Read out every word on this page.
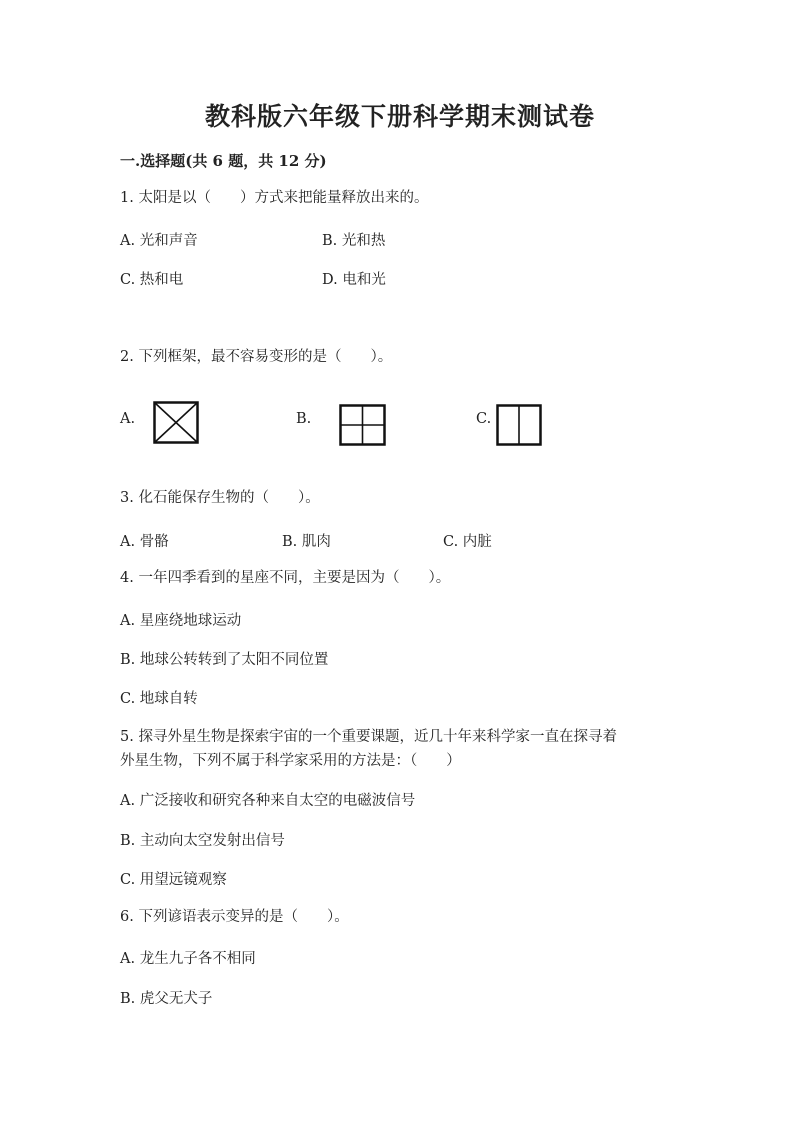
教科版六年级下册科学期末测试卷
一.选择题(共 6 题，共 12 分)
1. 太阳是以（　　）方式来把能量释放出来的。
A. 光和声音	B. 光和热
C. 热和电	D. 电和光
2. 下列框架，最不容易变形的是（　　）。
A.	B.	C.
3. 化石能保存生物的（　　）。
A. 骨骼	B. 肌肉	C. 内脏
4. 一年四季看到的星座不同，主要是因为（　　）。
A. 星座绕地球运动
B. 地球公转转到了太阳不同位置
C. 地球自转
5. 探寻外星生物是探索宇宙的一个重要课题，近几十年来科学家一直在探寻着
外星生物，下列不属于科学家采用的方法是：（　　）
A. 广泛接收和研究各种来自太空的电磁波信号
B. 主动向太空发射出信号
C. 用望远镜观察
6. 下列谚语表示变异的是（　　）。
A. 龙生九子各不相同
B. 虎父无犬子
